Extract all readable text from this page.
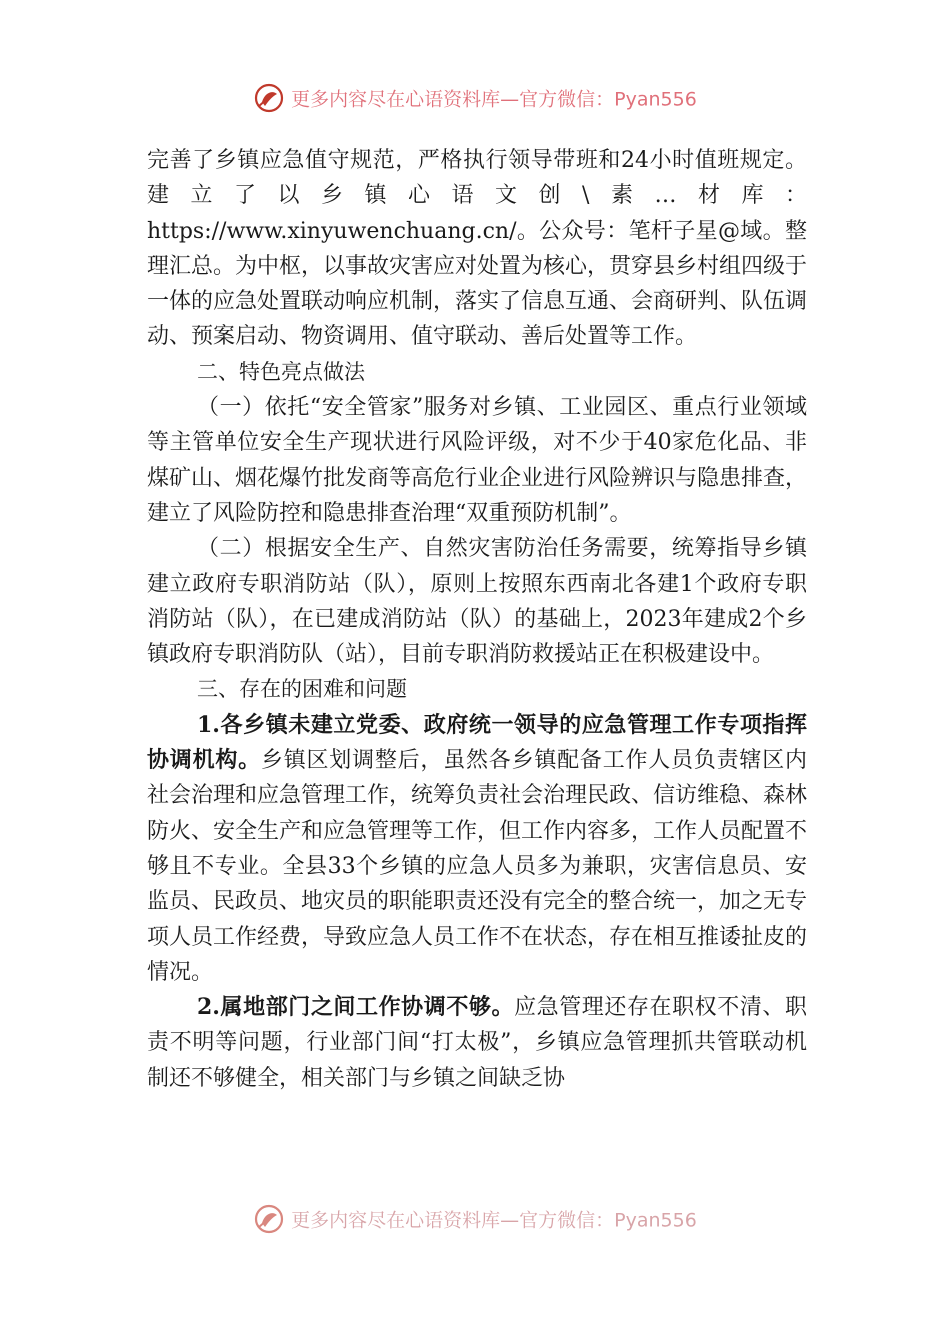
更多内容尽在心语资料库—官方微信：Pyan556

完善了乡镇应急值守规范，严格执行领导带班和24小时值班规定。建立了以乡镇心语文创\素…材库：https://www.xinyuwenchuang.cn/。公众号：笔杆子星@域。整理汇总。为中枢，以事故灾害应对处置为核心，贯穿县乡村组四级于一体的应急处置联动响应机制，落实了信息互通、会商研判、队伍调动、预案启动、物资调用、值守联动、善后处置等工作。

二、特色亮点做法

（一）依托“安全管家”服务对乡镇、工业园区、重点行业领域等主管单位安全生产现状进行风险评级，对不少于40家危化品、非煤矿山、烟花爆竹批发商等高危行业企业进行风险辨识与隐患排查，建立了风险防控和隐患排查治理“双重预防机制”。

（二）根据安全生产、自然灾害防治任务需要，统筹指导乡镇建立政府专职消防站（队），原则上按照东西南北各建1个政府专职消防站（队），在已建成消防站（队）的基础上，2023年建成2个乡镇政府专职消防队（站），目前专职消防救援站正在积极建设中。

三、存在的困难和问题

1.各乡镇未建立党委、政府统一领导的应急管理工作专项指挥协调机构。乡镇区划调整后，虽然各乡镇配备工作人员负责辖区内社会治理和应急管理工作，统筹负责社会治理民政、信访维稳、森林防火、安全生产和应急管理等工作，但工作内容多，工作人员配置不够且不专业。全县33个乡镇的应急人员多为兼职，灾害信息员、安监员、民政员、地灾员的职能职责还没有完全的整合统一，加之无专项人员工作经费，导致应急人员工作不在状态，存在相互推诿扯皮的情况。

2.属地部门之间工作协调不够。应急管理还存在职权不清、职责不明等问题，行业部门间“打太极”，乡镇应急管理抓共管联动机制还不够健全，相关部门与乡镇之间缺乏协

更多内容尽在心语资料库—官方微信：Pyan556
